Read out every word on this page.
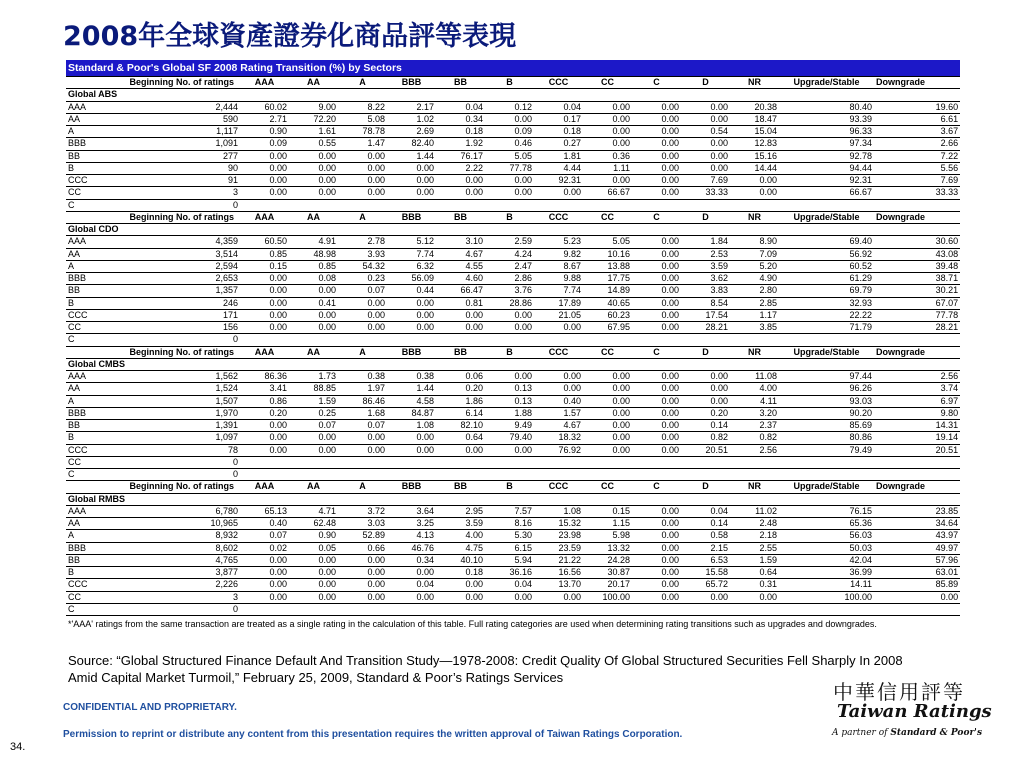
2008年全球資產證券化商品評等表現
Standard & Poor's Global SF 2008 Rating Transition (%) by Sectors														
	Beginning No. of ratings	AAA	AA	A	BBB	BB	B	CCC	CC	C	D	NR	Upgrade/Stable	Downgrade
Global ABS														
AAA	2,444	60.02	9.00	8.22	2.17	0.04	0.12	0.04	0.00	0.00	0.00	20.38	80.40	19.60
AA	590	2.71	72.20	5.08	1.02	0.34	0.00	0.17	0.00	0.00	0.00	18.47	93.39	6.61
A	1,117	0.90	1.61	78.78	2.69	0.18	0.09	0.18	0.00	0.00	0.54	15.04	96.33	3.67
BBB	1,091	0.09	0.55	1.47	82.40	1.92	0.46	0.27	0.00	0.00	0.00	12.83	97.34	2.66
BB	277	0.00	0.00	0.00	1.44	76.17	5.05	1.81	0.36	0.00	0.00	15.16	92.78	7.22
B	90	0.00	0.00	0.00	0.00	2.22	77.78	4.44	1.11	0.00	0.00	14.44	94.44	5.56
CCC	91	0.00	0.00	0.00	0.00	0.00	0.00	92.31	0.00	0.00	7.69	0.00	92.31	7.69
CC	3	0.00	0.00	0.00	0.00	0.00	0.00	0.00	66.67	0.00	33.33	0.00	66.67	33.33
C	0													
	Beginning No. of ratings	AAA	AA	A	BBB	BB	B	CCC	CC	C	D	NR	Upgrade/Stable	Downgrade
Global CDO														
AAA	4,359	60.50	4.91	2.78	5.12	3.10	2.59	5.23	5.05	0.00	1.84	8.90	69.40	30.60
AA	3,514	0.85	48.98	3.93	7.74	4.67	4.24	9.82	10.16	0.00	2.53	7.09	56.92	43.08
A	2,594	0.15	0.85	54.32	6.32	4.55	2.47	8.67	13.88	0.00	3.59	5.20	60.52	39.48
BBB	2,653	0.00	0.08	0.23	56.09	4.60	2.86	9.88	17.75	0.00	3.62	4.90	61.29	38.71
BB	1,357	0.00	0.00	0.07	0.44	66.47	3.76	7.74	14.89	0.00	3.83	2.80	69.79	30.21
B	246	0.00	0.41	0.00	0.00	0.81	28.86	17.89	40.65	0.00	8.54	2.85	32.93	67.07
CCC	171	0.00	0.00	0.00	0.00	0.00	0.00	21.05	60.23	0.00	17.54	1.17	22.22	77.78
CC	156	0.00	0.00	0.00	0.00	0.00	0.00	0.00	67.95	0.00	28.21	3.85	71.79	28.21
C	0													
	Beginning No. of ratings	AAA	AA	A	BBB	BB	B	CCC	CC	C	D	NR	Upgrade/Stable	Downgrade
Global CMBS														
AAA	1,562	86.36	1.73	0.38	0.38	0.06	0.00	0.00	0.00	0.00	0.00	11.08	97.44	2.56
AA	1,524	3.41	88.85	1.97	1.44	0.20	0.13	0.00	0.00	0.00	0.00	4.00	96.26	3.74
A	1,507	0.86	1.59	86.46	4.58	1.86	0.13	0.40	0.00	0.00	0.00	4.11	93.03	6.97
BBB	1,970	0.20	0.25	1.68	84.87	6.14	1.88	1.57	0.00	0.00	0.20	3.20	90.20	9.80
BB	1,391	0.00	0.07	0.07	1.08	82.10	9.49	4.67	0.00	0.00	0.14	2.37	85.69	14.31
B	1,097	0.00	0.00	0.00	0.00	0.64	79.40	18.32	0.00	0.00	0.82	0.82	80.86	19.14
CCC	78	0.00	0.00	0.00	0.00	0.00	0.00	76.92	0.00	0.00	20.51	2.56	79.49	20.51
CC	0													
C	0													
	Beginning No. of ratings	AAA	AA	A	BBB	BB	B	CCC	CC	C	D	NR	Upgrade/Stable	Downgrade
Global RMBS														
AAA	6,780	65.13	4.71	3.72	3.64	2.95	7.57	1.08	0.15	0.00	0.04	11.02	76.15	23.85
AA	10,965	0.40	62.48	3.03	3.25	3.59	8.16	15.32	1.15	0.00	0.14	2.48	65.36	34.64
A	8,932	0.07	0.90	52.89	4.13	4.00	5.30	23.98	5.98	0.00	0.58	2.18	56.03	43.97
BBB	8,602	0.02	0.05	0.66	46.76	4.75	6.15	23.59	13.32	0.00	2.15	2.55	50.03	49.97
BB	4,765	0.00	0.00	0.00	0.34	40.10	5.94	21.22	24.28	0.00	6.53	1.59	42.04	57.96
B	3,877	0.00	0.00	0.00	0.00	0.18	36.16	16.56	30.87	0.00	15.58	0.64	36.99	63.01
CCC	2,226	0.00	0.00	0.00	0.04	0.00	0.04	13.70	20.17	0.00	65.72	0.31	14.11	85.89
CC	3	0.00	0.00	0.00	0.00	0.00	0.00	0.00	100.00	0.00	0.00	0.00	100.00	0.00
C	0													
*'AAA' ratings from the same transaction are treated as a single rating in the calculation of this table. Full rating categories are used when determining rating transitions such as upgrades and downgrades.														
Source: “Global Structured Finance Default And Transition Study—1978-2008: Credit Quality Of Global Structured Securities Fell Sharply In 2008 Amid Capital Market Turmoil,” February 25, 2009, Standard & Poor’s Ratings Services
CONFIDENTIAL AND PROPRIETARY.
Permission to reprint or distribute any content from this presentation requires the written approval of Taiwan Ratings Corporation.
34.
中華信用評等
Taiwan Ratings
A partner of Standard & Poor's
